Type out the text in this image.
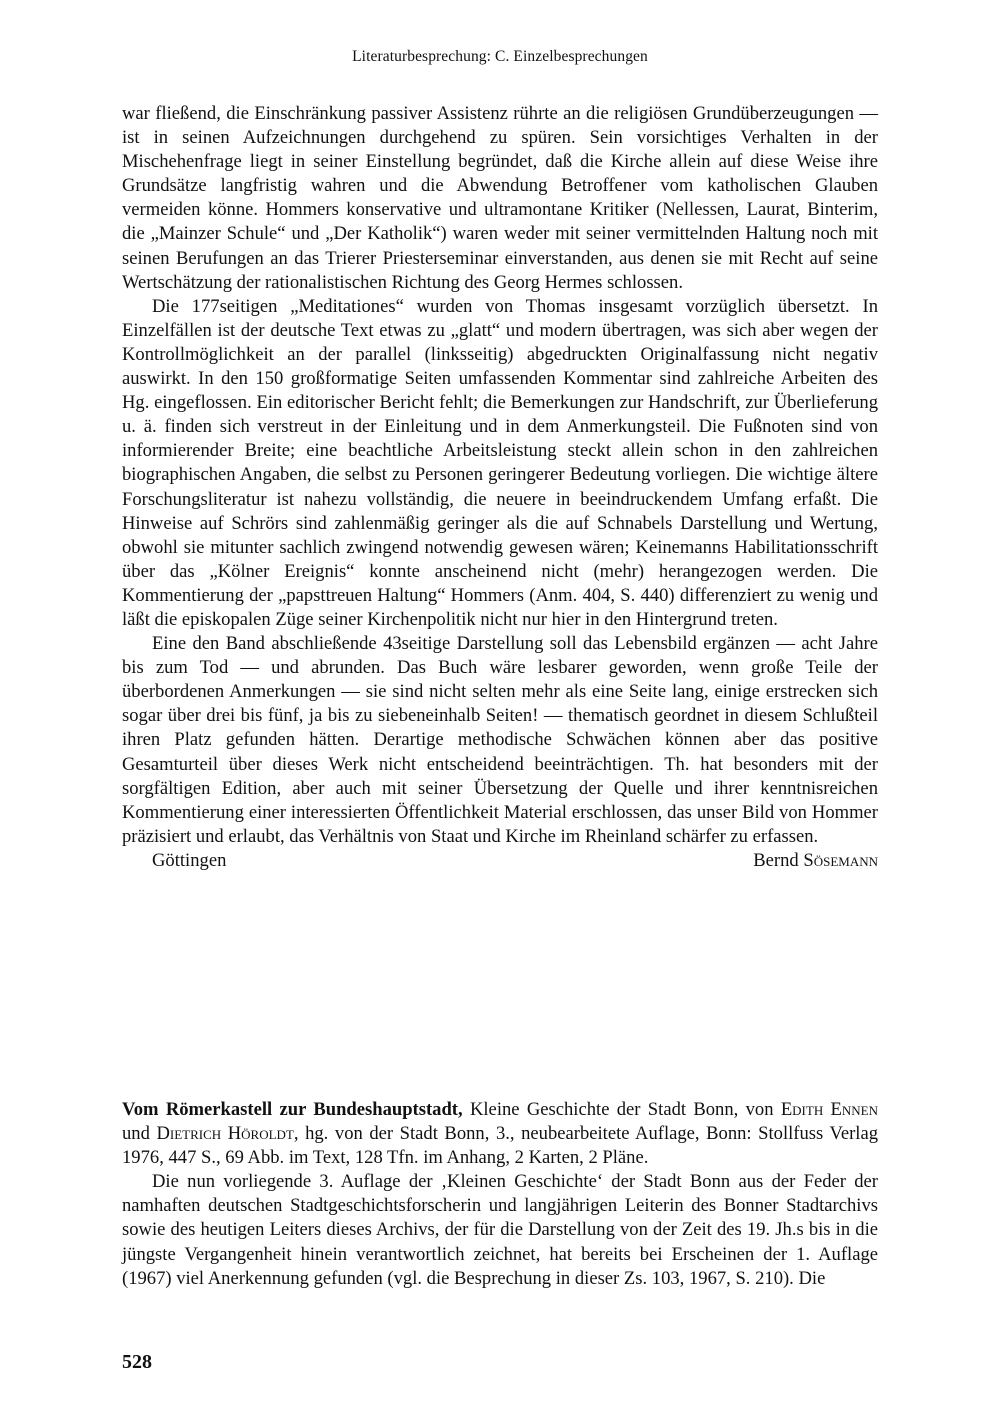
Literaturbesprechung: C. Einzelbesprechungen

war fließend, die Einschränkung passiver Assistenz rührte an die religiösen Grundüberzeugungen — ist in seinen Aufzeichnungen durchgehend zu spüren. Sein vorsichtiges Verhalten in der Mischehenfrage liegt in seiner Einstellung begründet, daß die Kirche allein auf diese Weise ihre Grundsätze langfristig wahren und die Abwendung Betroffener vom katholischen Glauben vermeiden könne. Hommers konservative und ultramontane Kritiker (Nellessen, Laurat, Binterim, die „Mainzer Schule“ und „Der Katholik“) waren weder mit seiner vermittelnden Haltung noch mit seinen Berufungen an das Trierer Priesterseminar einverstanden, aus denen sie mit Recht auf seine Wertschätzung der rationalistischen Richtung des Georg Hermes schlossen.

Die 177seitigen „Meditationes“ wurden von Thomas insgesamt vorzüglich übersetzt. In Einzelfällen ist der deutsche Text etwas zu „glatt“ und modern übertragen, was sich aber wegen der Kontrollmöglichkeit an der parallel (linksseitig) abgedruckten Originalfassung nicht negativ auswirkt. In den 150 großformatige Seiten umfassenden Kommentar sind zahlreiche Arbeiten des Hg. eingeflossen. Ein editorischer Bericht fehlt; die Bemerkungen zur Handschrift, zur Überlieferung u. ä. finden sich verstreut in der Einleitung und in dem Anmerkungsteil. Die Fußnoten sind von informierender Breite; eine beachtliche Arbeitsleistung steckt allein schon in den zahlreichen biographischen Angaben, die selbst zu Personen geringerer Bedeutung vorliegen. Die wichtige ältere Forschungsliteratur ist nahezu vollständig, die neuere in beeindruckendem Umfang erfaßt. Die Hinweise auf Schrörs sind zahlenmäßig geringer als die auf Schnabels Darstellung und Wertung, obwohl sie mitunter sachlich zwingend notwendig gewesen wären; Keinemanns Habilitationsschrift über das „Kölner Ereignis“ konnte anscheinend nicht (mehr) herangezogen werden. Die Kommentierung der „papsttreuen Haltung“ Hommers (Anm. 404, S. 440) differenziert zu wenig und läßt die episkopalen Züge seiner Kirchenpolitik nicht nur hier in den Hintergrund treten.

Eine den Band abschließende 43seitige Darstellung soll das Lebensbild ergänzen — acht Jahre bis zum Tod — und abrunden. Das Buch wäre lesbarer geworden, wenn große Teile der überbordenen Anmerkungen — sie sind nicht selten mehr als eine Seite lang, einige erstrecken sich sogar über drei bis fünf, ja bis zu siebeneinhalb Seiten! — thematisch geordnet in diesem Schlußteil ihren Platz gefunden hätten. Derartige methodische Schwächen können aber das positive Gesamturteil über dieses Werk nicht entscheidend beeinträchtigen. Th. hat besonders mit der sorgfältigen Edition, aber auch mit seiner Übersetzung der Quelle und ihrer kenntnisreichen Kommentierung einer interessierten Öffentlichkeit Material erschlossen, das unser Bild von Hommer präzisiert und erlaubt, das Verhältnis von Staat und Kirche im Rheinland schärfer zu erfassen.

Göttingen	Bernd Sösemann

Vom Römerkastell zur Bundeshauptstadt, Kleine Geschichte der Stadt Bonn, von Edith Ennen und Dietrich Höroldt, hg. von der Stadt Bonn, 3., neubearbeitete Auflage, Bonn: Stollfuss Verlag 1976, 447 S., 69 Abb. im Text, 128 Tfn. im Anhang, 2 Karten, 2 Pläne.

Die nun vorliegende 3. Auflage der ‚Kleinen Geschichte‘ der Stadt Bonn aus der Feder der namhaften deutschen Stadtgeschichtsforscherin und langjährigen Leiterin des Bonner Stadtarchivs sowie des heutigen Leiters dieses Archivs, der für die Darstellung von der Zeit des 19. Jh.s bis in die jüngste Vergangenheit hinein verantwortlich zeichnet, hat bereits bei Erscheinen der 1. Auflage (1967) viel Anerkennung gefunden (vgl. die Besprechung in dieser Zs. 103, 1967, S. 210). Die

528
